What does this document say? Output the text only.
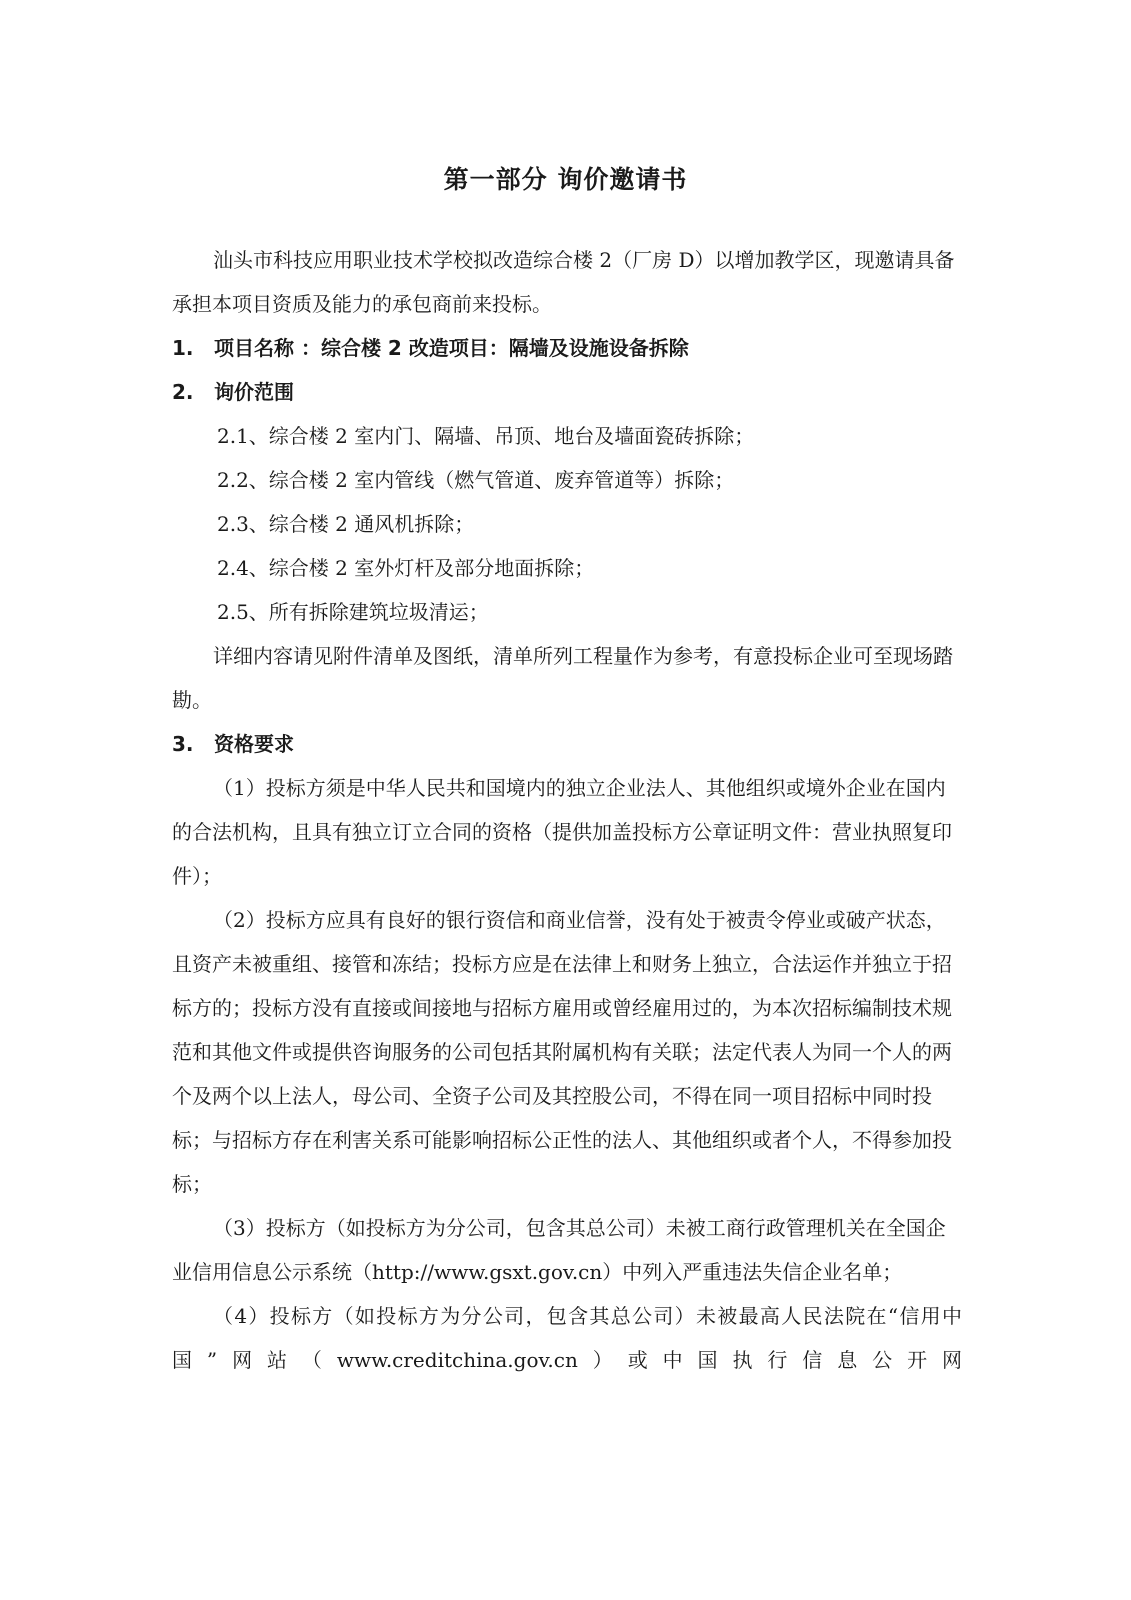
第一部分 询价邀请书

汕头市科技应用职业技术学校拟改造综合楼 2（厂房 D）以增加教学区，现邀请具备承担本项目资质及能力的承包商前来投标。

1.	项目名称 ：综合楼 2 改造项目：隔墙及设施设备拆除

2.	询价范围

2.1、综合楼 2 室内门、隔墙、吊顶、地台及墙面瓷砖拆除；

2.2、综合楼 2 室内管线（燃气管道、废弃管道等）拆除；

2.3、综合楼 2 通风机拆除；

2.4、综合楼 2 室外灯杆及部分地面拆除；

2.5、所有拆除建筑垃圾清运；

详细内容请见附件清单及图纸，清单所列工程量作为参考，有意投标企业可至现场踏勘。

3.	资格要求

（1）投标方须是中华人民共和国境内的独立企业法人、其他组织或境外企业在国内的合法机构，且具有独立订立合同的资格（提供加盖投标方公章证明文件：营业执照复印件）；

（2）投标方应具有良好的银行资信和商业信誉，没有处于被责令停业或破产状态，且资产未被重组、接管和冻结；投标方应是在法律上和财务上独立，合法运作并独立于招标方的；投标方没有直接或间接地与招标方雇用或曾经雇用过的，为本次招标编制技术规范和其他文件或提供咨询服务的公司包括其附属机构有关联；法定代表人为同一个人的两个及两个以上法人，母公司、全资子公司及其控股公司，不得在同一项目招标中同时投标；与招标方存在利害关系可能影响招标公正性的法人、其他组织或者个人，不得参加投标；

（3）投标方（如投标方为分公司，包含其总公司）未被工商行政管理机关在全国企业信用信息公示系统（http://www.gsxt.gov.cn）中列入严重违法失信企业名单；

（4）投标方（如投标方为分公司，包含其总公司）未被最高人民法院在“信用中国”网站（www.creditchina.gov.cn）或中国执行信息公开网
